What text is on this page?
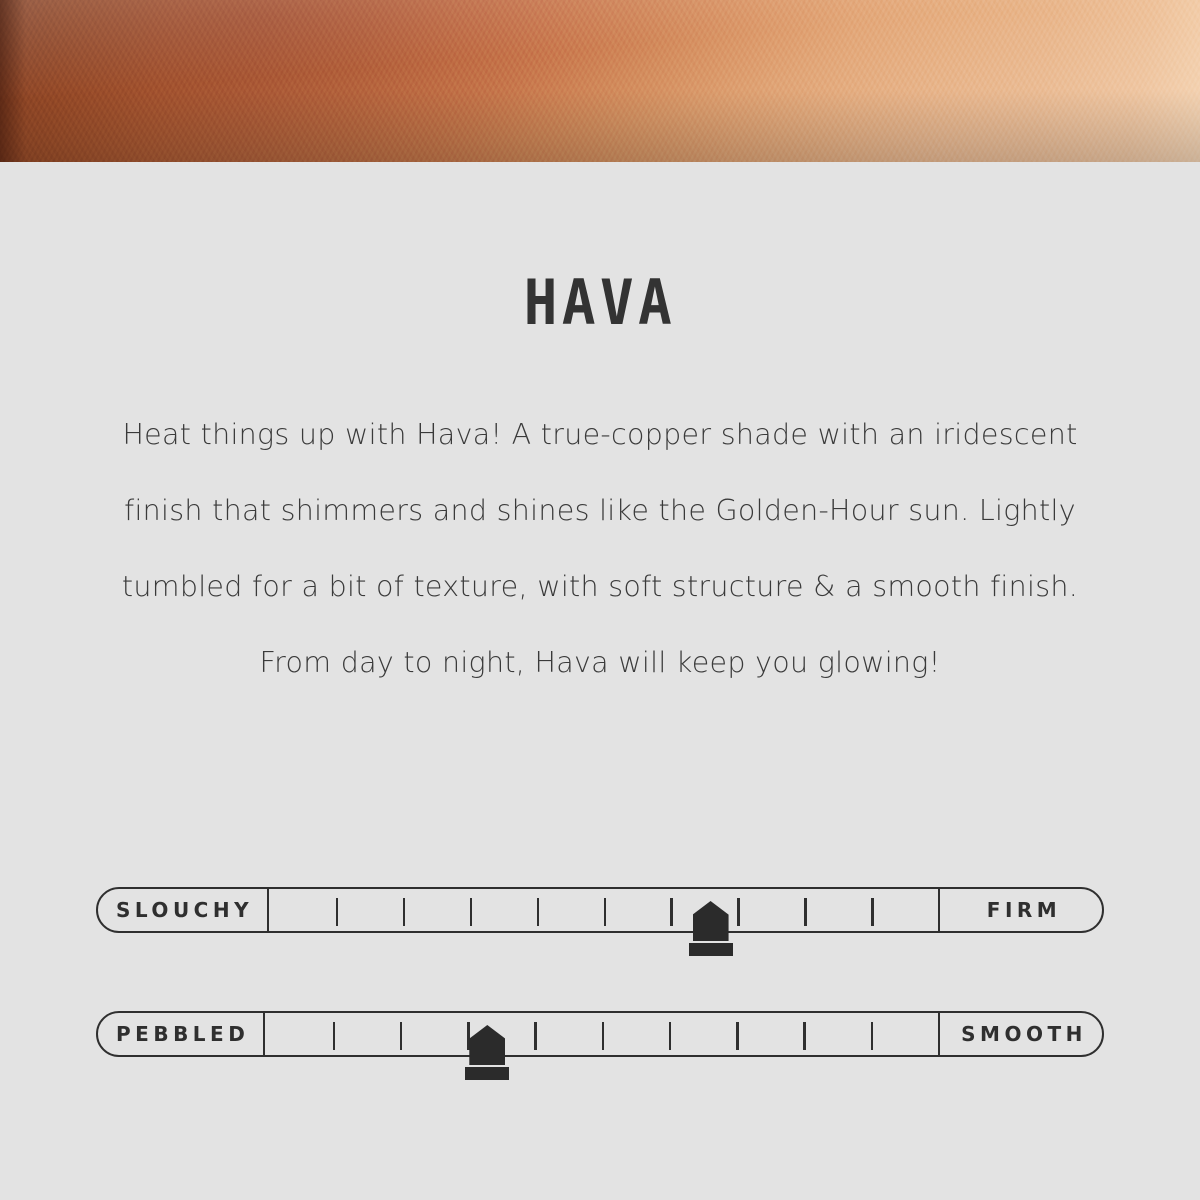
HAVA

Heat things up with Hava! A true-copper shade with an iridescent

finish that shimmers and shines like the Golden-Hour sun. Lightly

tumbled for a bit of texture, with soft structure & a smooth finish.

From day to night, Hava will keep you glowing!

SLOUCHY	FIRM
PEBBLED	SMOOTH
